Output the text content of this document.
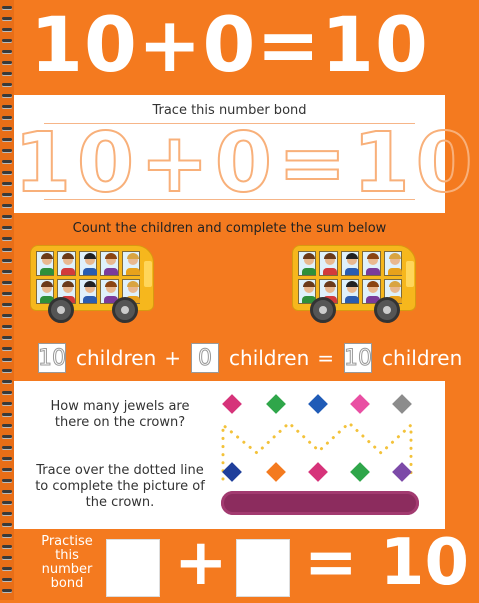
10+0=10
Trace this number bond
10+0=10
Count the children and complete the sum below
10 children + 0 children = 10 children
How many jewels are there on the crown?
Trace over the dotted line to complete the picture of the crown.
Practise this number bond + = 10
